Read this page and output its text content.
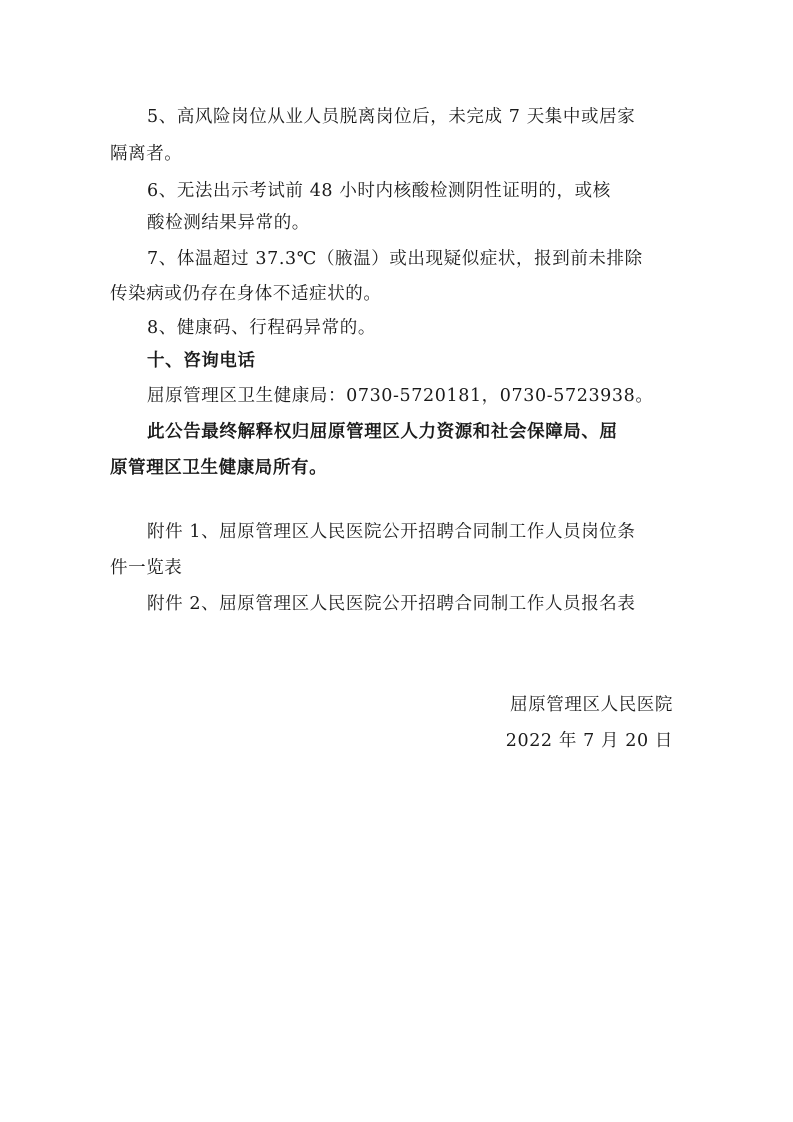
5、高风险岗位从业人员脱离岗位后，未完成 7 天集中或居家
隔离者。
6、无法出示考试前 48 小时内核酸检测阴性证明的，或核
酸检测结果异常的。
7、体温超过 37.3℃（腋温）或出现疑似症状，报到前未排除
传染病或仍存在身体不适症状的。
8、健康码、行程码异常的。
十、咨询电话
屈原管理区卫生健康局：0730-5720181，0730-5723938。
此公告最终解释权归屈原管理区人力资源和社会保障局、屈
原管理区卫生健康局所有。
附件 1、屈原管理区人民医院公开招聘合同制工作人员岗位条
件一览表
附件 2、屈原管理区人民医院公开招聘合同制工作人员报名表
屈原管理区人民医院
2022 年 7 月 20 日
